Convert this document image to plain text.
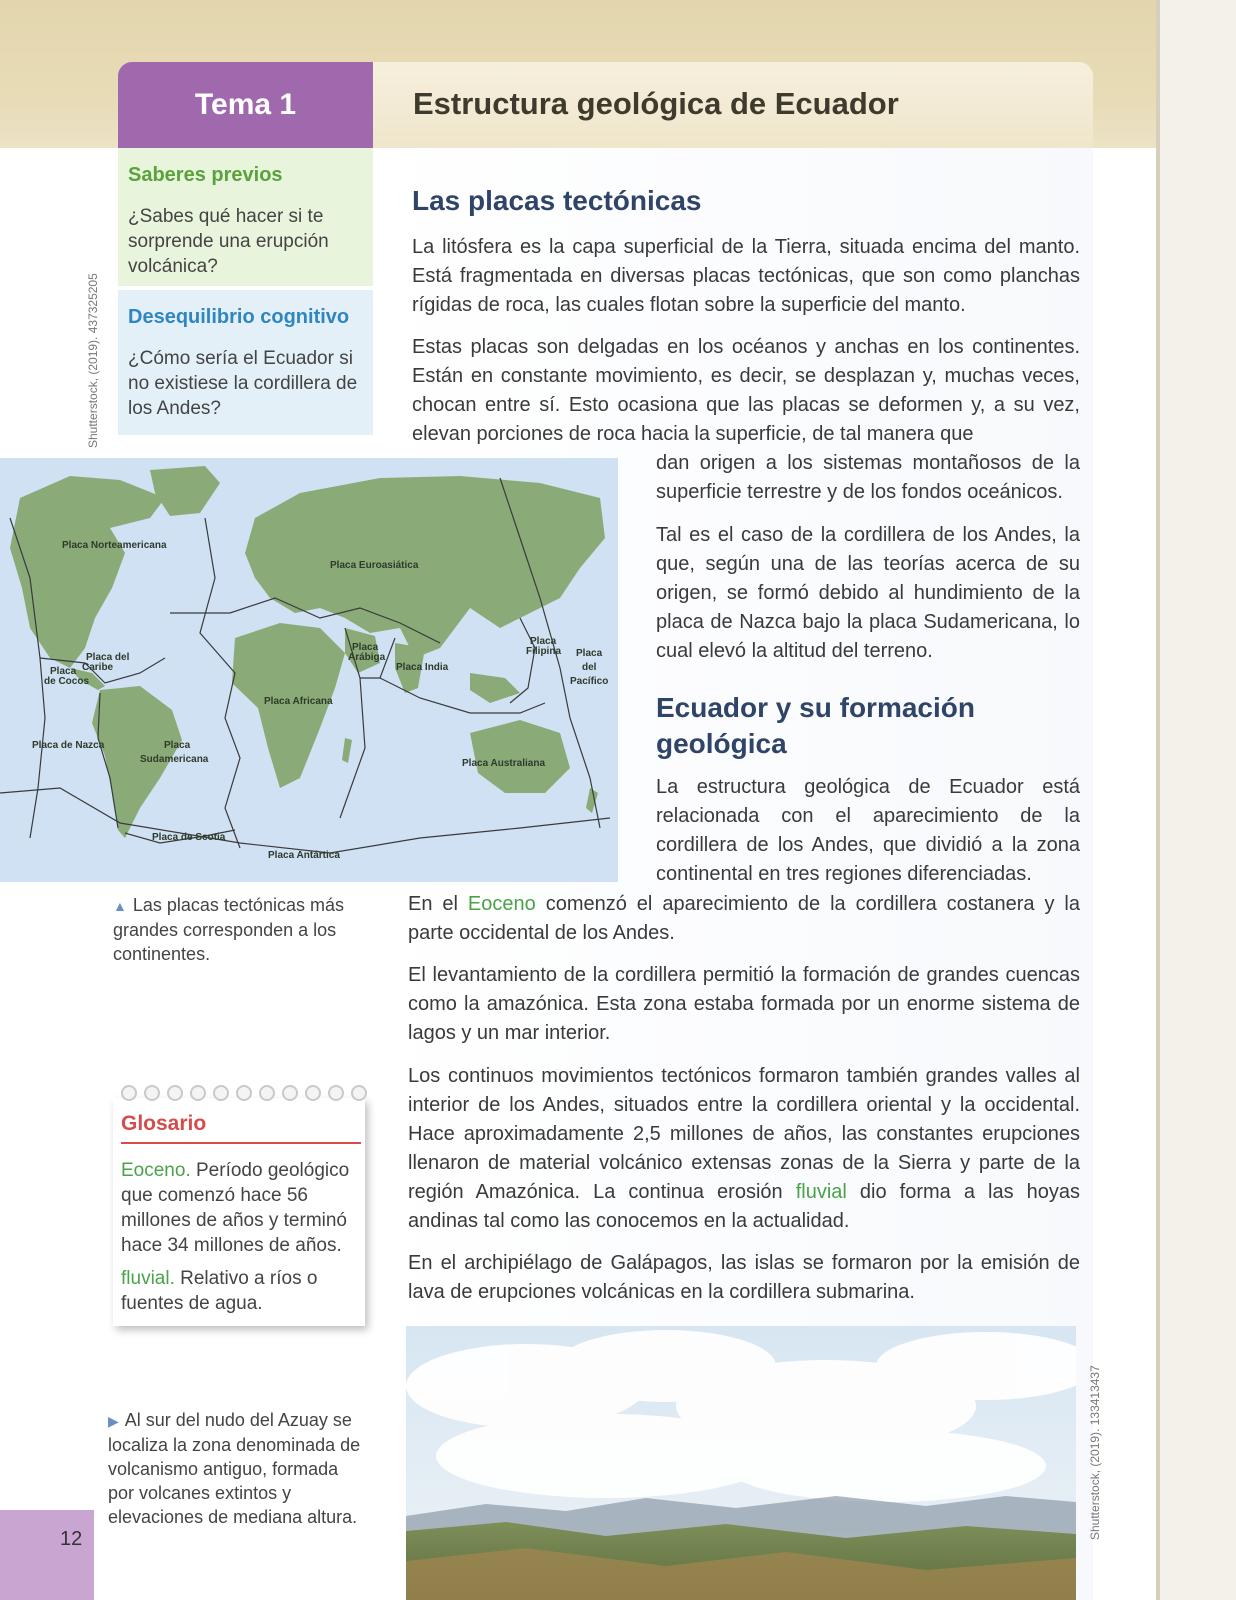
Tema 1	Estructura geológica de Ecuador
Saberes previos
¿Sabes qué hacer si te sorprende una erupción volcánica?
Desequilibrio cognitivo
¿Cómo sería el Ecuador si no existiese la cordillera de los Andes?
Shutterstock, (2019). 437325205
Placa Norteamericana
Placa Euroasiática
Placa del
Caribe
Placa
de Cocos
Placa
Arábiga
Placa India
Placa
Filipina Placa
del
Pacífico
Placa Africana
Placa de Nazca	Placa
Sudamericana	Placa Australiana
Placa de Scotia
Placa Antártica
▲ Las placas tectónicas más grandes corresponden a los continentes.
Glosario
Eoceno. Período geológico que comenzó hace 56 millones de años y terminó hace 34 millones de años.
fluvial. Relativo a ríos o fuentes de agua.
▶ Al sur del nudo del Azuay se localiza la zona denominada de volcanismo antiguo, formada por volcanes extintos y elevaciones de mediana altura.
12
Las placas tectónicas

La litósfera es la capa superficial de la Tierra, situada encima del manto. Está fragmentada en diversas placas tectónicas, que son como planchas rígidas de roca, las cuales flotan sobre la superficie del manto.

Estas placas son delgadas en los océanos y anchas en los continentes. Están en constante movimiento, es decir, se desplazan y, muchas veces, chocan entre sí. Esto ocasiona que las placas se deformen y, a su vez, elevan porciones de roca hacia la superficie, de tal manera que

dan origen a los sistemas montañosos de la superficie terrestre y de los fondos oceánicos.

Tal es el caso de la cordillera de los Andes, la que, según una de las teorías acerca de su origen, se formó debido al hundimiento de la placa de Nazca bajo la placa Sudamericana, lo cual elevó la altitud del terreno.

Ecuador y su formación
geológica

La estructura geológica de Ecuador está relacionada con el aparecimiento de la cordillera de los Andes, que dividió a la zona continental en tres regiones diferenciadas.

En el Eoceno comenzó el aparecimiento de la cordillera costanera y la parte occidental de los Andes.

El levantamiento de la cordillera permitió la formación de grandes cuencas como la amazónica. Esta zona estaba formada por un enorme sistema de lagos y un mar interior.

Los continuos movimientos tectónicos formaron también grandes valles al interior de los Andes, situados entre la cordillera oriental y la occidental. Hace aproximadamente 2,5 millones de años, las constantes erupciones llenaron de material volcánico extensas zonas de la Sierra y parte de la región Amazónica. La continua erosión fluvial dio forma a las hoyas andinas tal como las conocemos en la actualidad.

En el archipiélago de Galápagos, las islas se formaron por la emisión de lava de erupciones volcánicas en la cordillera submarina.

Shutterstock, (2019). 133413437
